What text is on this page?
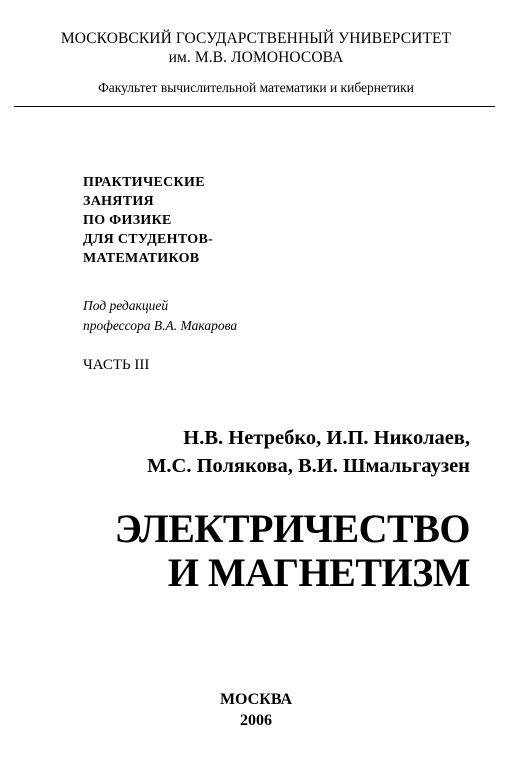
МОСКОВСКИЙ ГОСУДАРСТВЕННЫЙ УНИВЕРСИТЕТ
им. М.В. ЛОМОНОСОВА
Факультет вычислительной математики и кибернетики
ПРАКТИЧЕСКИЕ
ЗАНЯТИЯ
ПО ФИЗИКЕ
ДЛЯ СТУДЕНТОВ-
МАТЕМАТИКОВ
Под редакцией
профессора В.А. Макарова
ЧАСТЬ III
Н.В. Нетребко, И.П. Николаев,
М.С. Полякова, В.И. Шмальгаузен
ЭЛЕКТРИЧЕСТВО
И МАГНЕТИЗМ
МОСКВА
2006
